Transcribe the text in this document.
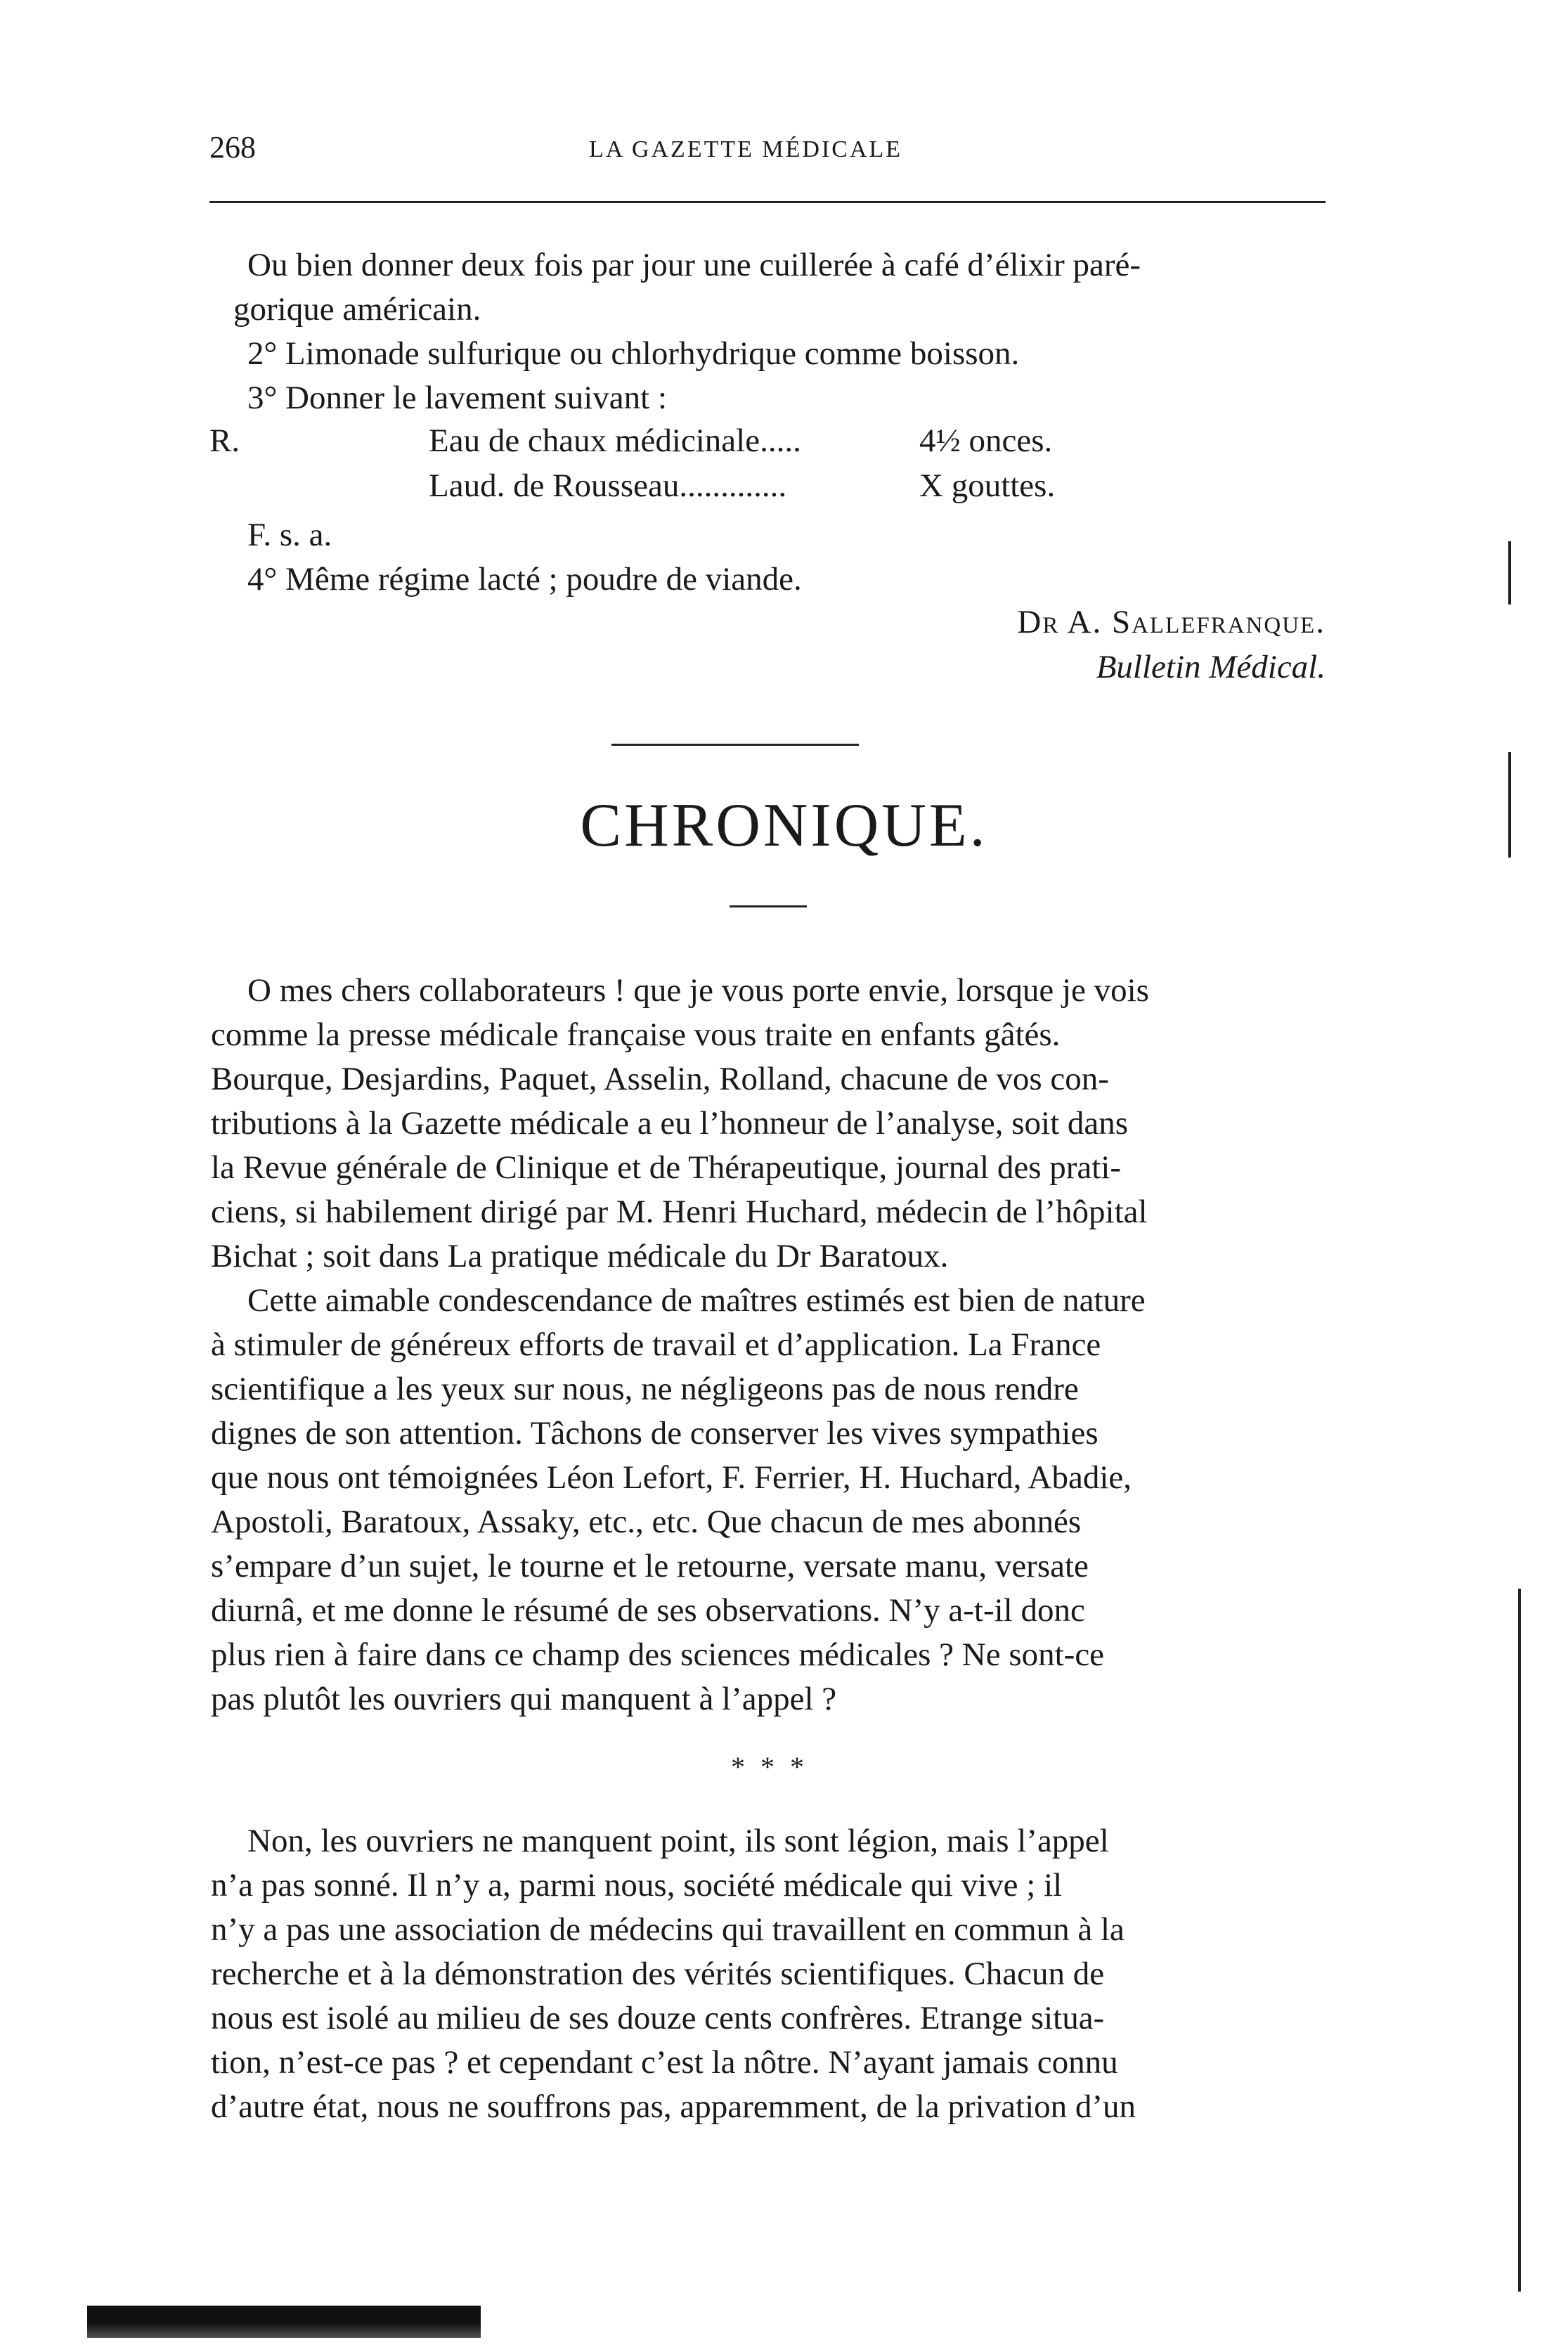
268	LA GAZETTE MÉDICALE
Ou bien donner deux fois par jour une cuillerée à café d’élixir paré-
gorique américain.
2° Limonade sulfurique ou chlorhydrique comme boisson.
3° Donner le lavement suivant :
R.	Eau de chaux médicinale.....	4½ onces.
Laud. de Rousseau.............	X gouttes.
F. s. a.
4° Même régime lacté ; poudre de viande.
Dr A. Sallefranque.
Bulletin Médical.
CHRONIQUE.
O mes chers collaborateurs ! que je vous porte envie, lorsque je vois
comme la presse médicale française vous traite en enfants gâtés.
Bourque, Desjardins, Paquet, Asselin, Rolland, chacune de vos con-
tributions à la Gazette médicale a eu l’honneur de l’analyse, soit dans
la Revue générale de Clinique et de Thérapeutique, journal des prati-
ciens, si habilement dirigé par M. Henri Huchard, médecin de l’hôpital
Bichat ; soit dans La pratique médicale du Dr Baratoux.
Cette aimable condescendance de maîtres estimés est bien de nature
à stimuler de généreux efforts de travail et d’application. La France
scientifique a les yeux sur nous, ne négligeons pas de nous rendre
dignes de son attention. Tâchons de conserver les vives sympathies
que nous ont témoignées Léon Lefort, F. Ferrier, H. Huchard, Abadie,
Apostoli, Baratoux, Assaky, etc., etc. Que chacun de mes abonnés
s’empare d’un sujet, le tourne et le retourne, versate manu, versate
diurnâ, et me donne le résumé de ses observations. N’y a-t-il donc
plus rien à faire dans ce champ des sciences médicales ? Ne sont-ce
pas plutôt les ouvriers qui manquent à l’appel ?
* * *
Non, les ouvriers ne manquent point, ils sont légion, mais l’appel
n’a pas sonné. Il n’y a, parmi nous, société médicale qui vive ; il
n’y a pas une association de médecins qui travaillent en commun à la
recherche et à la démonstration des vérités scientifiques. Chacun de
nous est isolé au milieu de ses douze cents confrères. Etrange situa-
tion, n’est-ce pas ? et cependant c’est la nôtre. N’ayant jamais connu
d’autre état, nous ne souffrons pas, apparemment, de la privation d’un
